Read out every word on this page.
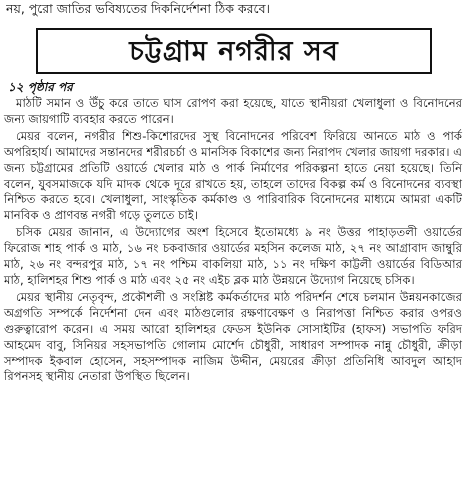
নয়, পুরো জাতির ভবিষ্যতের দিকনির্দেশনা ঠিক করবে।
চট্টগ্রাম নগরীর সব
১২ পৃষ্ঠার পর

মাঠটি সমান ও উঁচু করে তাতে ঘাস রোপণ করা হয়েছে, যাতে স্থানীয়রা খেলাধুলা ও বিনোদনের জন্য জায়গাটি ব্যবহার করতে পারেন।

মেয়র বলেন, নগরীর শিশু-কিশোরদের সুস্থ বিনোদনের পরিবেশ ফিরিয়ে আনতে মাঠ ও পার্ক অপরিহার্য। আমাদের সন্তানদের শরীরচর্চা ও মানসিক বিকাশের জন্য নিরাপদ খেলার জায়গা দরকার। এ জন্য চট্টগ্রামের প্রতিটি ওয়ার্ডে খেলার মাঠ ও পার্ক নির্মাণের পরিকল্পনা হাতে নেয়া হয়েছে। তিনি বলেন, যুবসমাজকে যদি মাদক থেকে দূরে রাখতে হয়, তাহলে তাদের বিকল্প কর্ম ও বিনোদনের ব্যবস্থা নিশ্চিত করতে হবে। খেলাধুলা, সাংস্কৃতিক কর্মকাণ্ড ও পারিবারিক বিনোদনের মাধ্যমে আমরা একটি মানবিক ও প্রাণবন্ত নগরী গড়ে তুলতে চাই।

চসিক মেয়র জানান, এ উদ্যোগের অংশ হিসেবে ইতোমধ্যে ৯ নং উত্তর পাহাড়তলী ওয়ার্ডের ফিরোজ শাহ পার্ক ও মাঠ, ১৬ নং চকবাজার ওয়ার্ডের মহসিন কলেজ মাঠ, ২৭ নং আগ্রাবাদ জাম্বুরি মাঠ, ২৬ নং বন্দরপুর মাঠ, ১৭ নং পশ্চিম বাকলিয়া মাঠ, ১১ নং দক্ষিণ কাট্টলী ওয়ার্ডের বিডিআর মাঠ, হালিশহর শিশু পার্ক ও মাঠ এবং ২৫ নং এইচ ব্লক মাঠ উন্নয়নে উদ্যোগ নিয়েছে চসিক।

মেয়র স্থানীয় নেতৃবৃন্দ, প্রকৌশলী ও সংশ্লিষ্ট কর্মকর্তাদের মাঠ পরিদর্শন শেষে চলমান উন্নয়নকাজের অগ্রগতি সম্পর্কে নির্দেশনা দেন এবং মাঠগুলোর রক্ষণাবেক্ষণ ও নিরাপত্তা নিশ্চিত করার ওপরও গুরুত্বারোপ করেন। এ সময় আরো হালিশহর ফেডস ইউনিক সোসাইটির (হাফস) সভাপতি ফরিদ আহমেদ বাবু, সিনিয়র সহসভাপতি গোলাম মোর্শেদ চৌধুরী, সাধারণ সম্পাদক নান্নু চৌধুরী, ক্রীড়া সম্পাদক ইকবাল হোসেন, সহসম্পাদক নাজিম উদ্দীন, মেয়রের ক্রীড়া প্রতিনিধি আবদুল আহাদ রিপনসহ স্থানীয় নেতারা উপস্থিত ছিলেন।
